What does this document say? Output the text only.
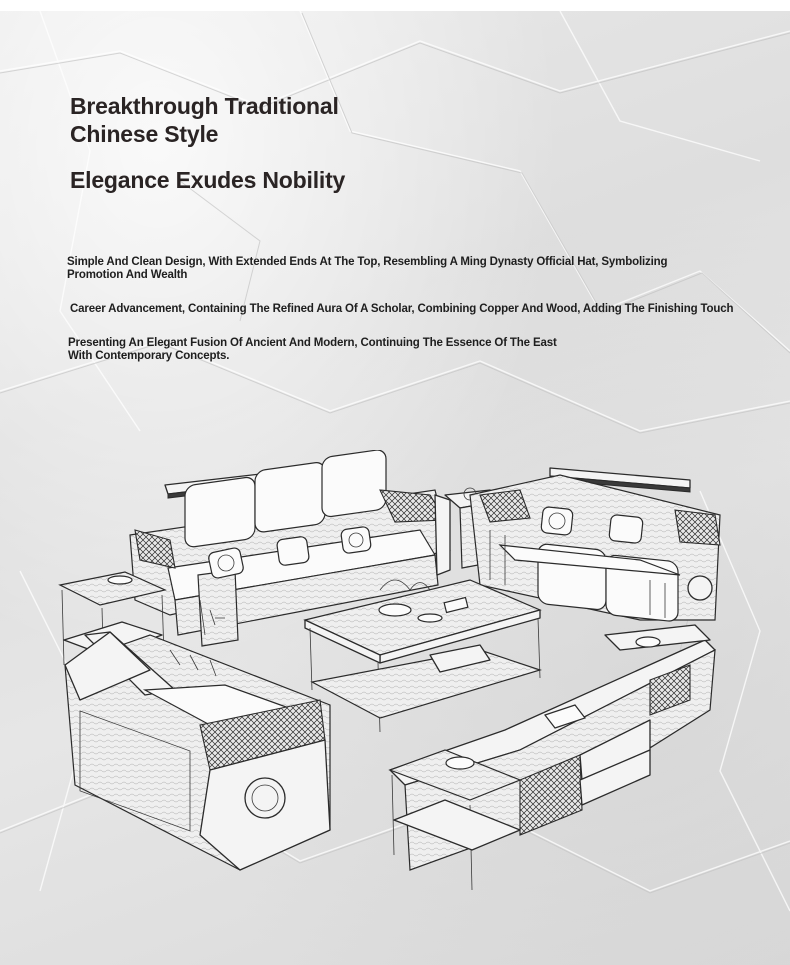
Breakthrough Traditional
Chinese Style
Elegance Exudes Nobility
Simple And Clean Design, With Extended Ends At The Top, Resembling A Ming Dynasty Official Hat, Symbolizing
Promotion And Wealth
Career Advancement, Containing The Refined Aura Of A Scholar, Combining Copper And Wood, Adding The Finishing Touch
Presenting An Elegant Fusion Of Ancient And Modern, Continuing The Essence Of The East
With Contemporary Concepts.
